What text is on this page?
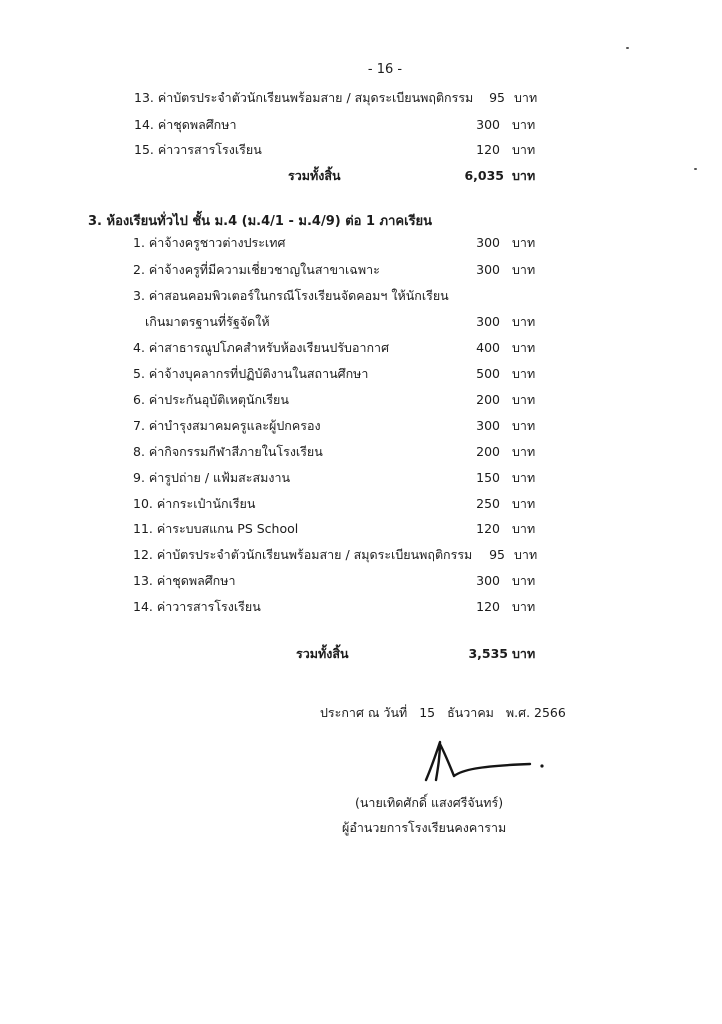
- 16 -
13. ค่าบัตรประจำตัวนักเรียนพร้อมสาย / สมุดระเบียนพฤติกรรม	95 บาท
14. ค่าชุดพลศึกษา	300 บาท
15. ค่าวารสารโรงเรียน	120 บาท
รวมทั้งสิ้น	6,035 บาท
3. ห้องเรียนทั่วไป ชั้น ม.4 (ม.4/1 - ม.4/9) ต่อ 1 ภาคเรียน
1. ค่าจ้างครูชาวต่างประเทศ	300 บาท
2. ค่าจ้างครูที่มีความเชี่ยวชาญในสาขาเฉพาะ	300 บาท
3. ค่าสอนคอมพิวเตอร์ในกรณีโรงเรียนจัดคอมฯ ให้นักเรียน
เกินมาตรฐานที่รัฐจัดให้	300 บาท
4. ค่าสาธารณูปโภคสำหรับห้องเรียนปรับอากาศ	400 บาท
5. ค่าจ้างบุคลากรที่ปฏิบัติงานในสถานศึกษา	500 บาท
6. ค่าประกันอุบัติเหตุนักเรียน	200 บาท
7. ค่าบำรุงสมาคมครูและผู้ปกครอง	300 บาท
8. ค่ากิจกรรมกีฬาสีภายในโรงเรียน	200 บาท
9. ค่ารูปถ่าย / แฟ้มสะสมงาน	150 บาท
10. ค่ากระเป๋านักเรียน	250 บาท
11. ค่าระบบสแกน PS School	120 บาท
12. ค่าบัตรประจำตัวนักเรียนพร้อมสาย / สมุดระเบียนพฤติกรรม	95 บาท
13. ค่าชุดพลศึกษา	300 บาท
14. ค่าวารสารโรงเรียน	120 บาท
รวมทั้งสิ้น	3,535 บาท
ประกาศ ณ วันที่ 15 ธันวาคม พ.ศ. 2566
(นายเทิดศักดิ์ แสงศรีจันทร์)
ผู้อำนวยการโรงเรียนคงคาราม
